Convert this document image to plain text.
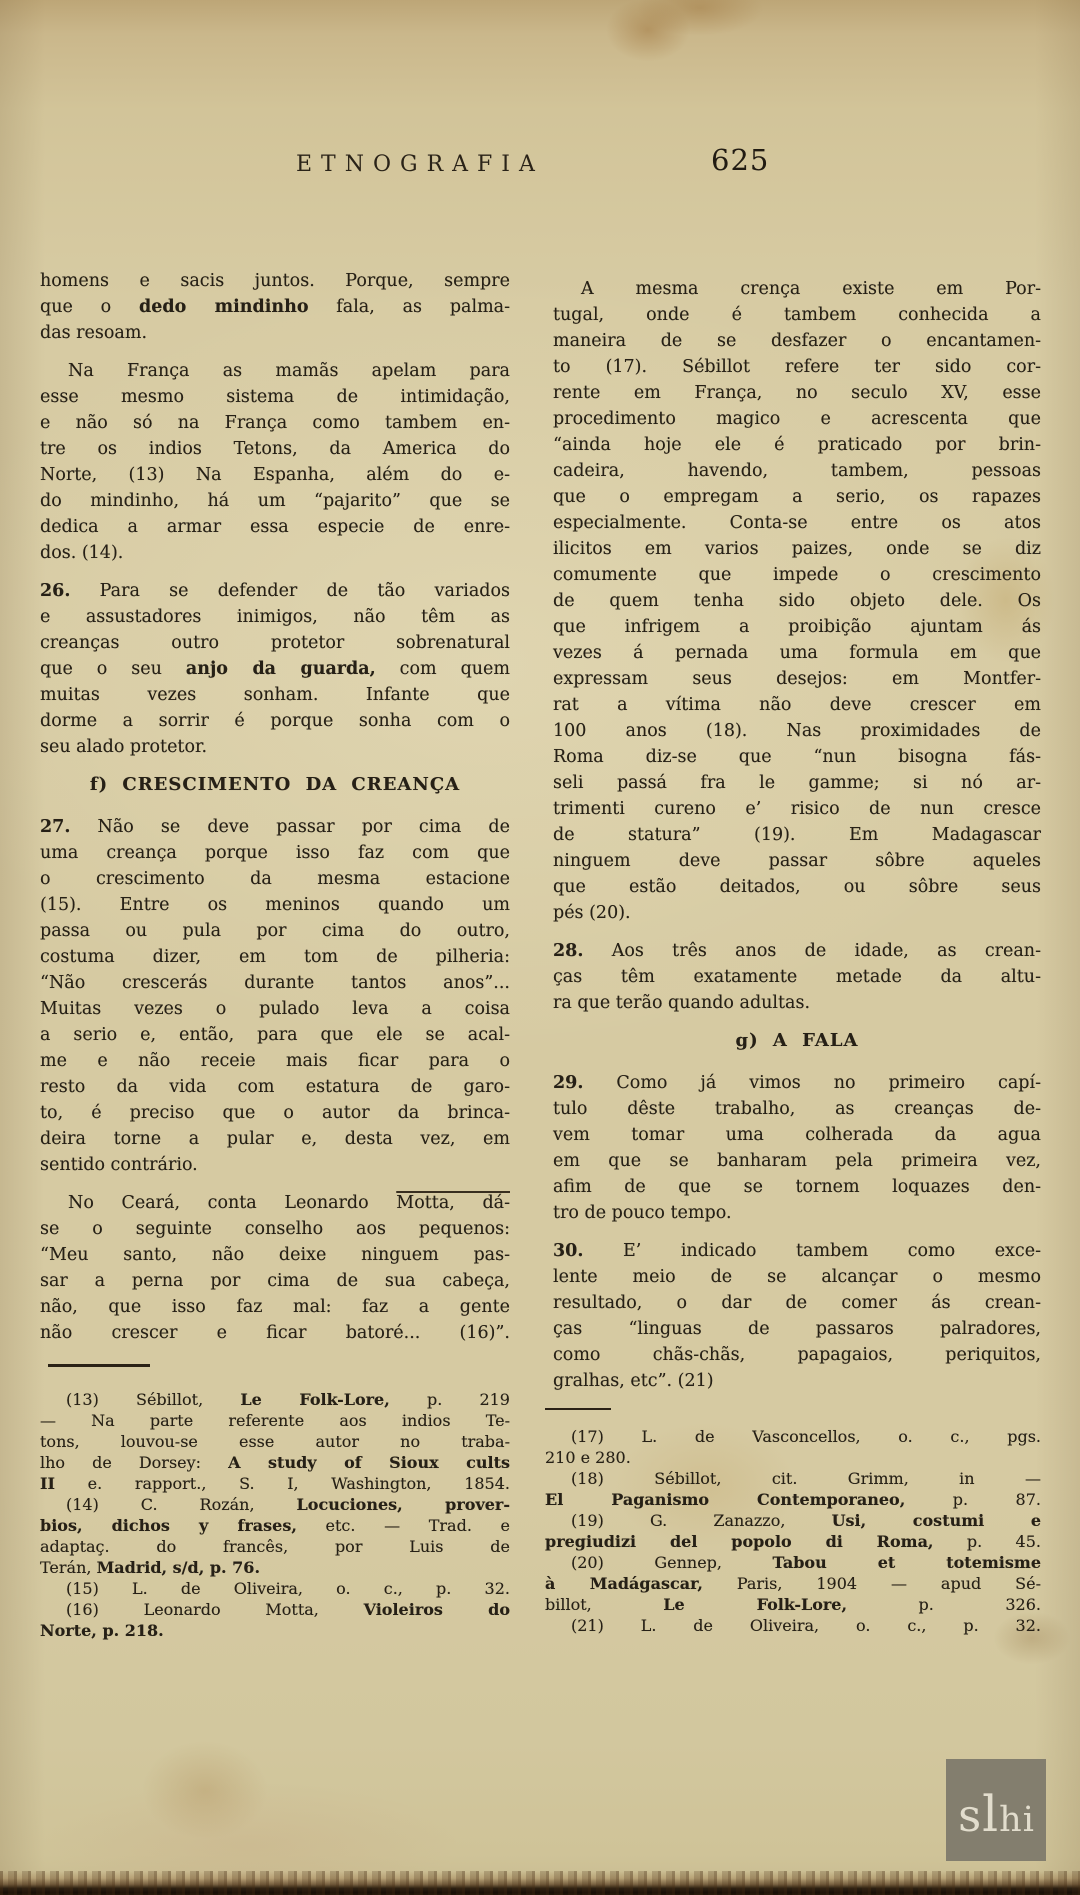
ETNOGRAFIA	625
homens e sacis juntos. Porque, sempre
que o dedo mindinho fala, as palma-
das resoam.
Na França as mamãs apelam para
esse mesmo sistema de intimidação,
e não só na França como tambem en-
tre os indios Tetons, da America do
Norte, (13) Na Espanha, além do e-
do mindinho, há um “pajarito” que se
dedica a armar essa especie de enre-
dos. (14).
26. Para se defender de tão variados
e assustadores inimigos, não têm as
creanças outro protetor sobrenatural
que o seu anjo da guarda, com quem
muitas vezes sonham. Infante que
dorme a sorrir é porque sonha com o
seu alado protetor.
f) CRESCIMENTO DA CREANÇA
27. Não se deve passar por cima de
uma creança porque isso faz com que
o crescimento da mesma estacione
(15). Entre os meninos quando um
passa ou pula por cima do outro,
costuma dizer, em tom de pilheria:
“Não crescerás durante tantos anos”...
Muitas vezes o pulado leva a coisa
a serio e, então, para que ele se acal-
me e não receie mais ficar para o
resto da vida com estatura de garo-
to, é preciso que o autor da brinca-
deira torne a pular e, desta vez, em
sentido contrário.
No Ceará, conta Leonardo Motta, dá-
se o seguinte conselho aos pequenos:
“Meu santo, não deixe ninguem pas-
sar a perna por cima de sua cabeça,
não, que isso faz mal: faz a gente
não crescer e ficar batoré... (16)”.
(13) Sébillot, Le Folk-Lore, p. 219
— Na parte referente aos indios Te-
tons, louvou-se esse autor no traba-
lho de Dorsey: A study of Sioux cults
II e. rapport., S. I, Washington, 1854.
(14) C. Rozán, Locuciones, prover-
bios, dichos y frases, etc. — Trad. e
adaptaç. do francês, por Luis de
Terán, Madrid, s/d, p. 76.
(15) L. de Oliveira, o. c., p. 32.
(16) Leonardo Motta, Violeiros do
Norte, p. 218.
A mesma crença existe em Por-
tugal, onde é tambem conhecida a
maneira de se desfazer o encantamen-
to (17). Sébillot refere ter sido cor-
rente em França, no seculo XV, esse
procedimento magico e acrescenta que
“ainda hoje ele é praticado por brin-
cadeira, havendo, tambem, pessoas
que o empregam a serio, os rapazes
especialmente. Conta-se entre os atos
ilicitos em varios paizes, onde se diz
comumente que impede o crescimento
de quem tenha sido objeto dele. Os
que infrigem a proibição ajuntam ás
vezes á pernada uma formula em que
expressam seus desejos: em Montfer-
rat a vítima não deve crescer em
100 anos (18). Nas proximidades de
Roma diz-se que “nun bisogna fás-
seli passá fra le gamme; si nó ar-
trimenti cureno e’ risico de nun cresce
de statura” (19). Em Madagascar
ninguem deve passar sôbre aqueles
que estão deitados, ou sôbre seus
pés (20).
28. Aos três anos de idade, as crean-
ças têm exatamente metade da altu-
ra que terão quando adultas.
g) A FALA
29. Como já vimos no primeiro capí-
tulo dêste trabalho, as creanças de-
vem tomar uma colherada da agua
em que se banharam pela primeira vez,
afim de que se tornem loquazes den-
tro de pouco tempo.
30. E’ indicado tambem como exce-
lente meio de se alcançar o mesmo
resultado, o dar de comer ás crean-
ças “linguas de passaros palradores,
como chãs-chãs, papagaios, periquitos,
gralhas, etc”. (21)
(17) L. de Vasconcellos, o. c., pgs.
210 e 280.
(18) Sébillot, cit. Grimm, in —
El Paganismo Contemporaneo, p. 87.
(19) G. Zanazzo, Usi, costumi e
pregiudizi del popolo di Roma, p. 45.
(20) Gennep, Tabou et totemisme
à Madágascar, Paris, 1904 — apud Sé-
billot, Le Folk-Lore, p. 326.
(21) L. de Oliveira, o. c., p. 32.
s l h i
